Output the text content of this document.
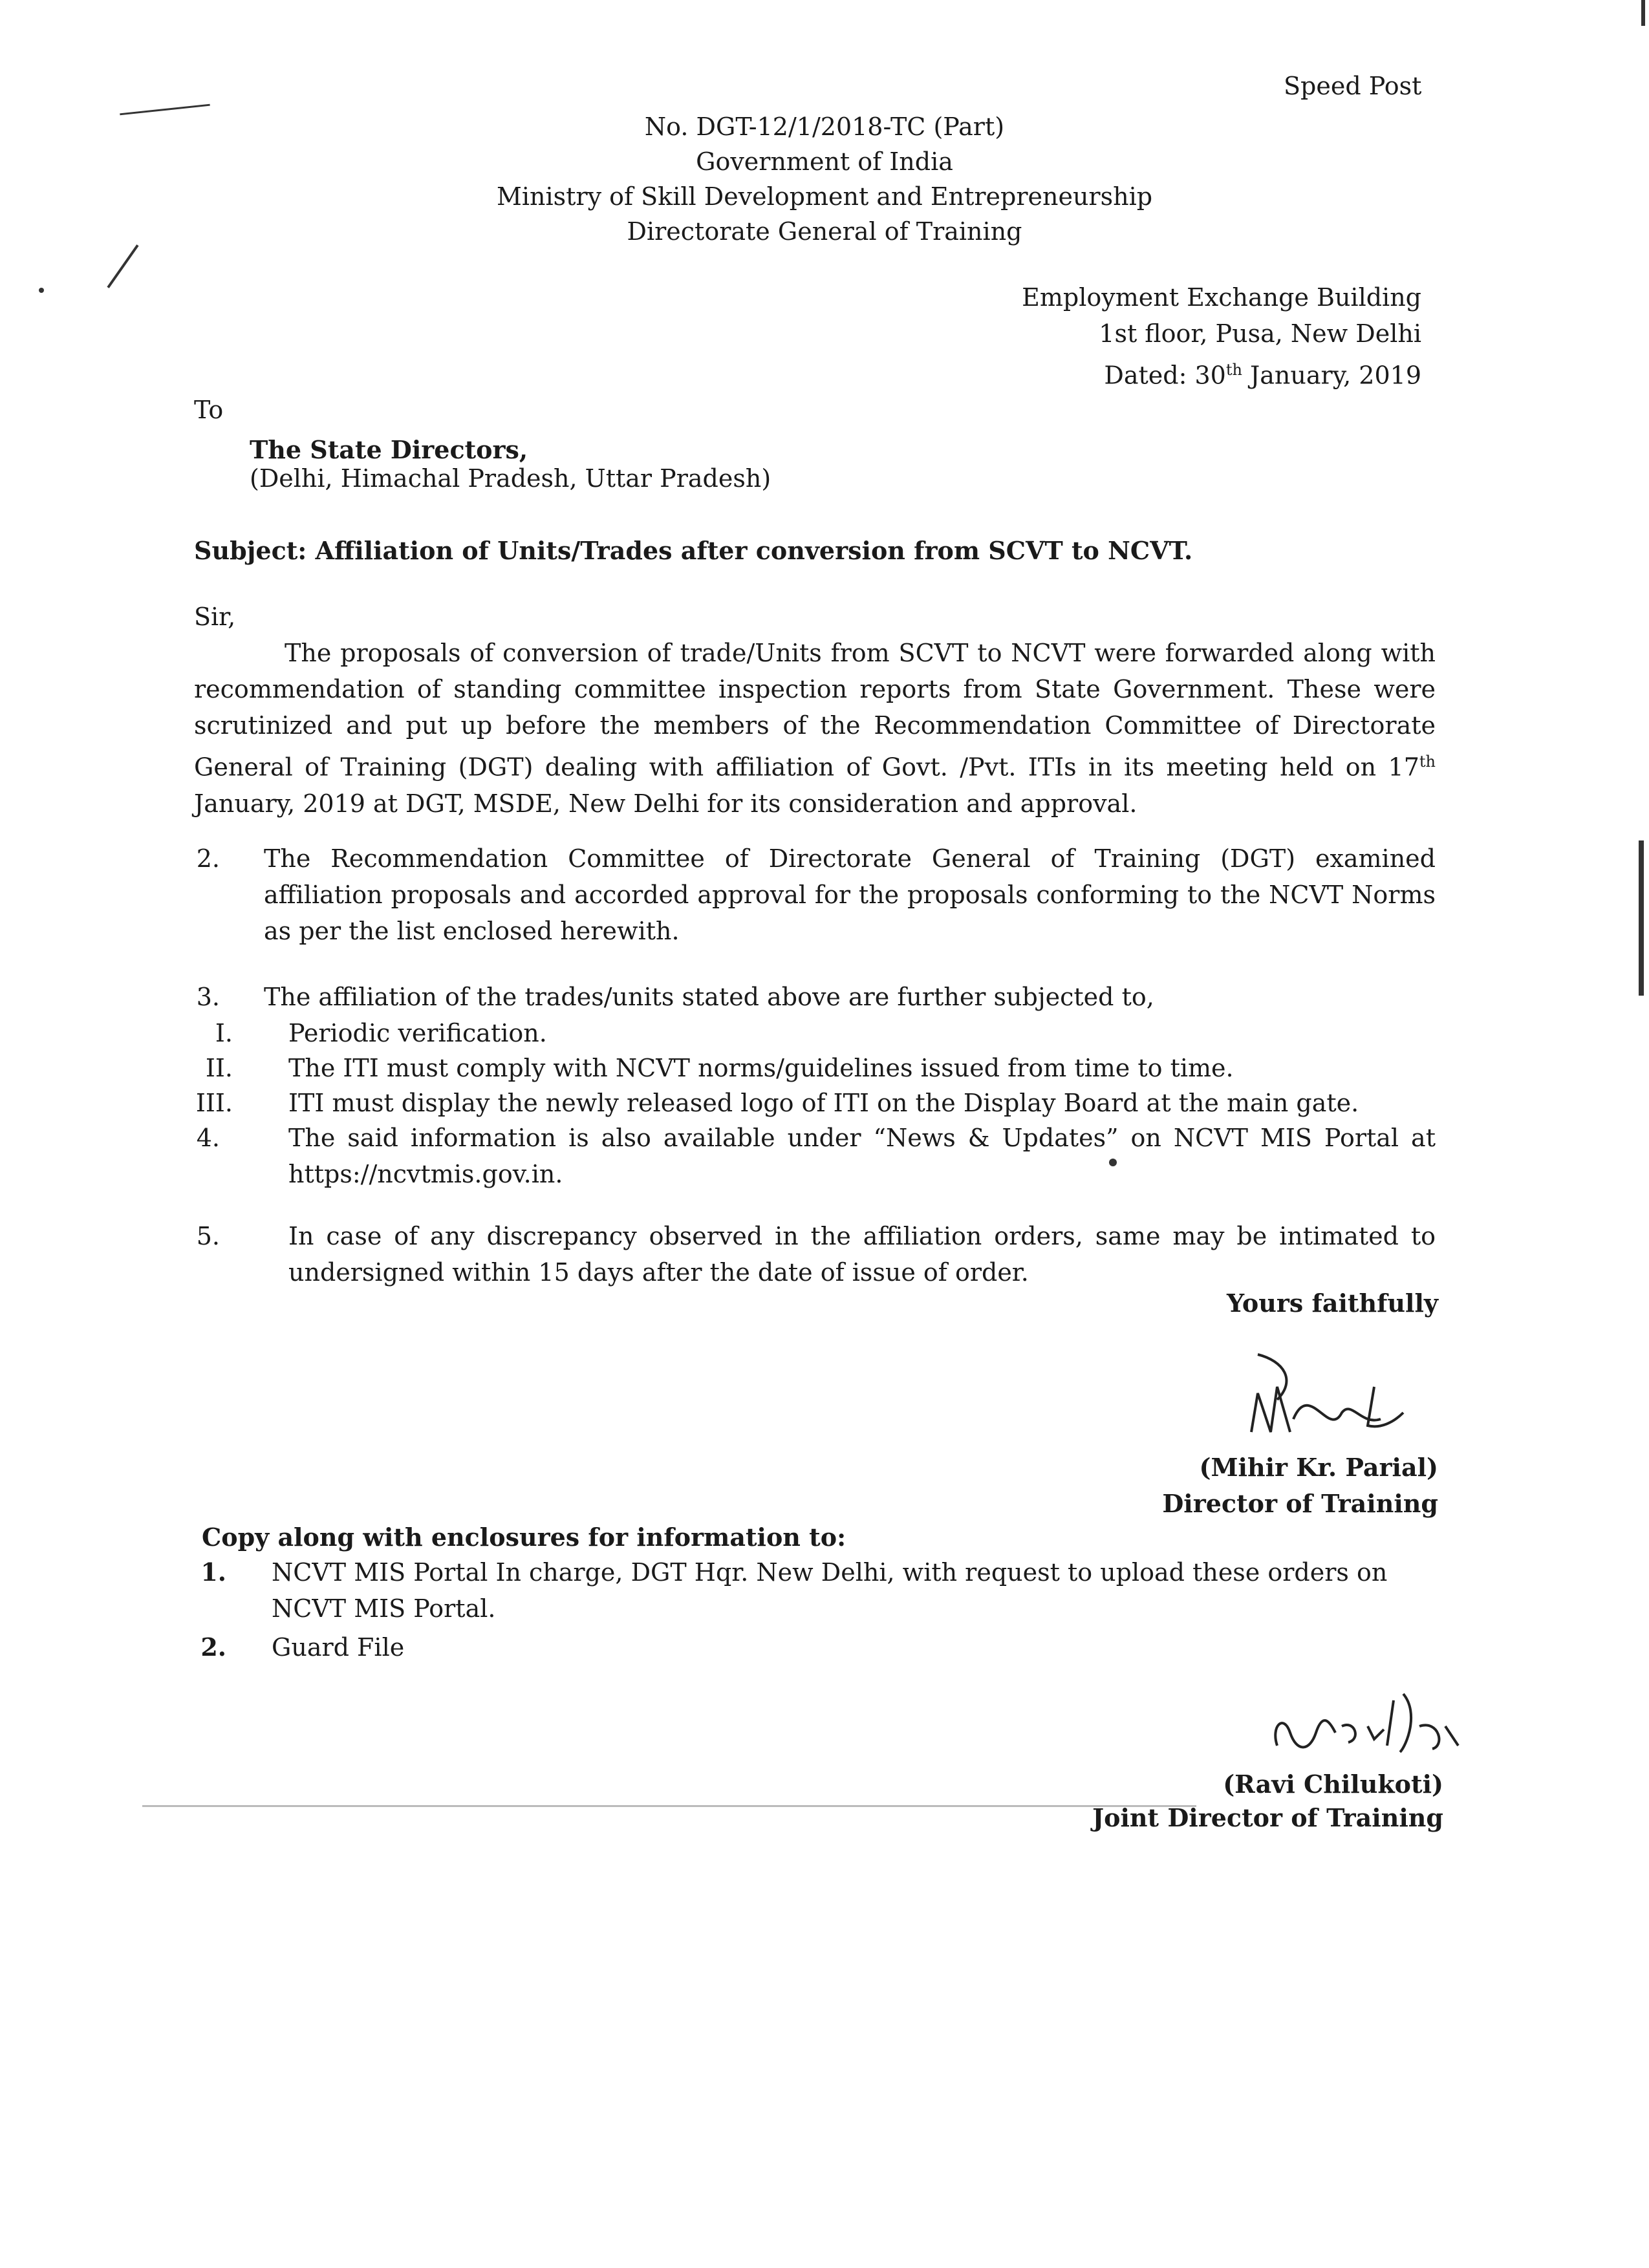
Speed Post
No. DGT-12/1/2018-TC (Part)
Government of India
Ministry of Skill Development and Entrepreneurship
Directorate General of Training
Employment Exchange Building
1st floor, Pusa, New Delhi
Dated: 30th January, 2019
To
The State Directors,
(Delhi, Himachal Pradesh, Uttar Pradesh)
Subject: Affiliation of Units/Trades after conversion from SCVT to NCVT.
Sir,
The proposals of conversion of trade/Units from SCVT to NCVT were forwarded along with recommendation of standing committee inspection reports from State Government. These were scrutinized and put up before the members of the Recommendation Committee of Directorate General of Training (DGT) dealing with affiliation of Govt. /Pvt. ITIs in its meeting held on 17th January, 2019 at DGT, MSDE, New Delhi for its consideration and approval.
2. The Recommendation Committee of Directorate General of Training (DGT) examined affiliation proposals and accorded approval for the proposals conforming to the NCVT Norms as per the list enclosed herewith.
3. The affiliation of the trades/units stated above are further subjected to,
I. Periodic verification.
II. The ITI must comply with NCVT norms/guidelines issued from time to time.
III. ITI must display the newly released logo of ITI on the Display Board at the main gate.
4.	The said information is also available under “News & Updates” on NCVT MIS Portal at https://ncvtmis.gov.in.
5.	In case of any discrepancy observed in the affiliation orders, same may be intimated to undersigned within 15 days after the date of issue of order.
Yours faithfully
(Mihir Kr. Parial)
Director of Training
Copy along with enclosures for information to:
1. NCVT MIS Portal In charge, DGT Hqr. New Delhi, with request to upload these orders on NCVT MIS Portal.
2. Guard File
(Ravi Chilukoti)
Joint Director of Training
